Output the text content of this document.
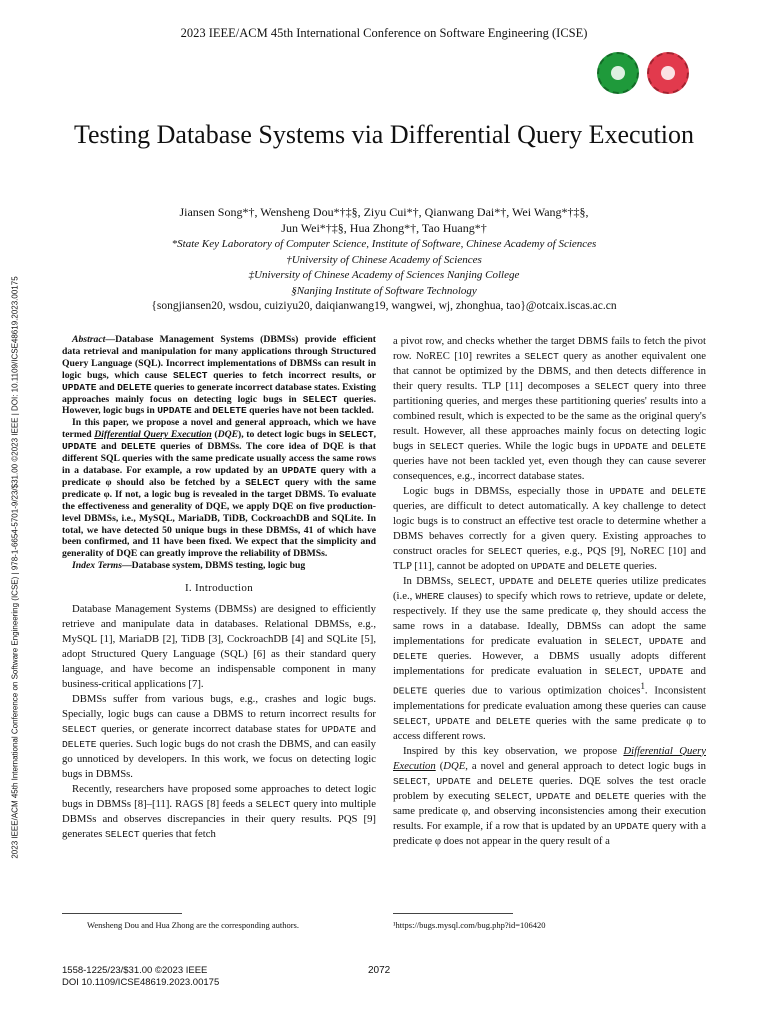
2023 IEEE/ACM 45th International Conference on Software Engineering (ICSE)
Testing Database Systems via Differential Query Execution
Jiansen Song*†, Wensheng Dou*†‡§, Ziyu Cui*†, Qianwang Dai*†, Wei Wang*†‡§,
Jun Wei*†‡§, Hua Zhong*†, Tao Huang*†
*State Key Laboratory of Computer Science, Institute of Software, Chinese Academy of Sciences
†University of Chinese Academy of Sciences
‡University of Chinese Academy of Sciences Nanjing College
§Nanjing Institute of Software Technology
{songjiansen20, wsdou, cuiziyu20, daiqianwang19, wangwei, wj, zhonghua, tao}@otcaix.iscas.ac.cn
2023 IEEE/ACM 45th International Conference on Software Engineering (ICSE) | 978-1-6654-5701-9/23/$31.00 ©2023 IEEE | DOI: 10.1109/ICSE48619.2023.00175	Abstract—Database Management Systems (DBMSs) provide efficient data retrieval and manipulation for many applications through Structured Query Language (SQL). Incorrect implementations of DBMSs can result in logic bugs, which cause SELECT queries to fetch incorrect results, or UPDATE and DELETE queries to generate incorrect database states. Existing approaches mainly focus on detecting logic bugs in SELECT queries. However, logic bugs in UPDATE and DELETE queries have not been tackled.

In this paper, we propose a novel and general approach, which we have termed Differential Query Execution (DQE), to detect logic bugs in SELECT, UPDATE and DELETE queries of DBMSs. The core idea of DQE is that different SQL queries with the same predicate usually access the same rows in a database. For example, a row updated by an UPDATE query with a predicate φ should also be fetched by a SELECT query with the same predicate φ. If not, a logic bug is revealed in the target DBMS. To evaluate the effectiveness and generality of DQE, we apply DQE on five production-level DBMSs, i.e., MySQL, MariaDB, TiDB, CockroachDB and SQLite. In total, we have detected 50 unique bugs in these DBMSs, 41 of which have been confirmed, and 11 have been fixed. We expect that the simplicity and generality of DQE can greatly improve the reliability of DBMSs.

Index Terms—Database system, DBMS testing, logic bug

I. Introduction

Database Management Systems (DBMSs) are designed to efficiently retrieve and manipulate data in databases. Relational DBMSs, e.g., MySQL [1], MariaDB [2], TiDB [3], CockroachDB [4] and SQLite [5], adopt Structured Query Language (SQL) [6] as their standard query language, and have become an indispensable component in many business-critical applications [7].

DBMSs suffer from various bugs, e.g., crashes and logic bugs. Specially, logic bugs can cause a DBMS to return incorrect results for SELECT queries, or generate incorrect database states for UPDATE and DELETE queries. Such logic bugs do not crash the DBMS, and can easily go unnoticed by developers. In this work, we focus on detecting logic bugs in DBMSs.

Recently, researchers have proposed some approaches to detect logic bugs in DBMSs [8]–[11]. RAGS [8] feeds a SELECT query into multiple DBMSs and observes discrepancies in their query results. PQS [9] generates SELECT queries that fetch

a pivot row, and checks whether the target DBMS fails to fetch the pivot row. NoREC [10] rewrites a SELECT query as another equivalent one that cannot be optimized by the DBMS, and then detects difference in their query results. TLP [11] decomposes a SELECT query into three partitioning queries, and merges these partitioning queries' results into a combined result, which is expected to be the same as the original query's result. However, all these approaches mainly focus on detecting logic bugs in SELECT queries. While the logic bugs in UPDATE and DELETE queries have not been tackled yet, even though they can cause severer consequences, e.g., incorrect database states.

Logic bugs in DBMSs, especially those in UPDATE and DELETE queries, are difficult to detect automatically. A key challenge to detect logic bugs is to construct an effective test oracle to determine whether a DBMS behaves correctly for a given query. Existing approaches to construct oracles for SELECT queries, e.g., PQS [9], NoREC [10] and TLP [11], cannot be adopted on UPDATE and DELETE queries.

In DBMSs, SELECT, UPDATE and DELETE queries utilize predicates (i.e., WHERE clauses) to specify which rows to retrieve, update or delete, respectively. If they use the same predicate φ, they should access the same rows in a database. Ideally, DBMSs can adopt the same implementations for predicate evaluation in SELECT, UPDATE and DELETE queries. However, a DBMS usually adopts different implementations for predicate evaluation in SELECT, UPDATE and DELETE queries due to various optimization choices$^1$. Inconsistent implementations for predicate evaluation among these queries can cause SELECT, UPDATE and DELETE queries with the same predicate φ to access different rows.

Inspired by this key observation, we propose Differential Query Execution (DQE, a novel and general approach to detect logic bugs in SELECT, UPDATE and DELETE queries. DQE solves the test oracle problem by executing SELECT, UPDATE and DELETE queries with the same predicate φ, and observing inconsistencies among their execution results. For example, if a row that is updated by an UPDATE query with a predicate φ does not appear in the query result of a

Wensheng Dou and Hua Zhong are the corresponding authors.	¹https://bugs.mysql.com/bug.php?id=106420
1558-1225/23/$31.00 ©2023 IEEE
DOI 10.1109/ICSE48619.2023.00175
2072
